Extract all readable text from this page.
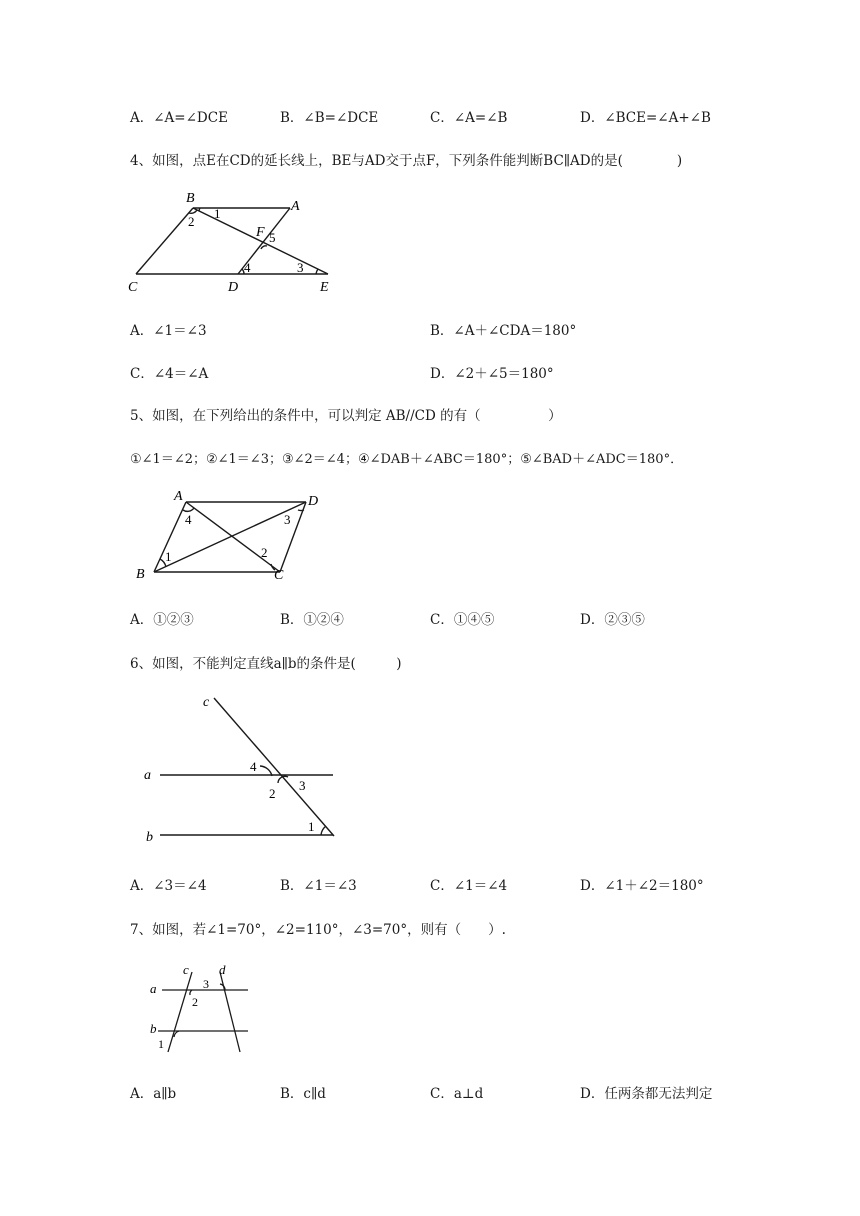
A．∠A=∠DCE	B．∠B=∠DCE	C．∠A=∠B	D．∠BCE=∠A+∠B
4、如图，点E在CD的延长线上，BE与AD交于点F，下列条件能判断BC∥AD的是(　　　　)
B
A
F
C	D	E
1
2
3
4
5
A．∠1＝∠3	B．∠A＋∠CDA＝180°
C．∠4＝∠A	D．∠2＋∠5＝180°
5、如图，在下列给出的条件中，可以判定 AB//CD 的有（　　　　　）
①∠1＝∠2；②∠1＝∠3；③∠2＝∠4；④∠DAB＋∠ABC＝180°；⑤∠BAD＋∠ADC＝180°．
A	D
B	C
1	2
3
4
A．①②③	B．①②④	C．①④⑤	D．②③⑤
6、如图，不能判定直线a∥b的条件是(　　　)
c
a
b
1
2
3
4
A．∠3＝∠4	B．∠1＝∠3	C．∠1＝∠4	D．∠1＋∠2＝180°
7、如图，若∠1=70°，∠2=110°，∠3=70°，则有（　　）.
a
b
c d
1
2
3
A．a∥b	B．c∥d	C．a⊥d	D．任两条都无法判定
